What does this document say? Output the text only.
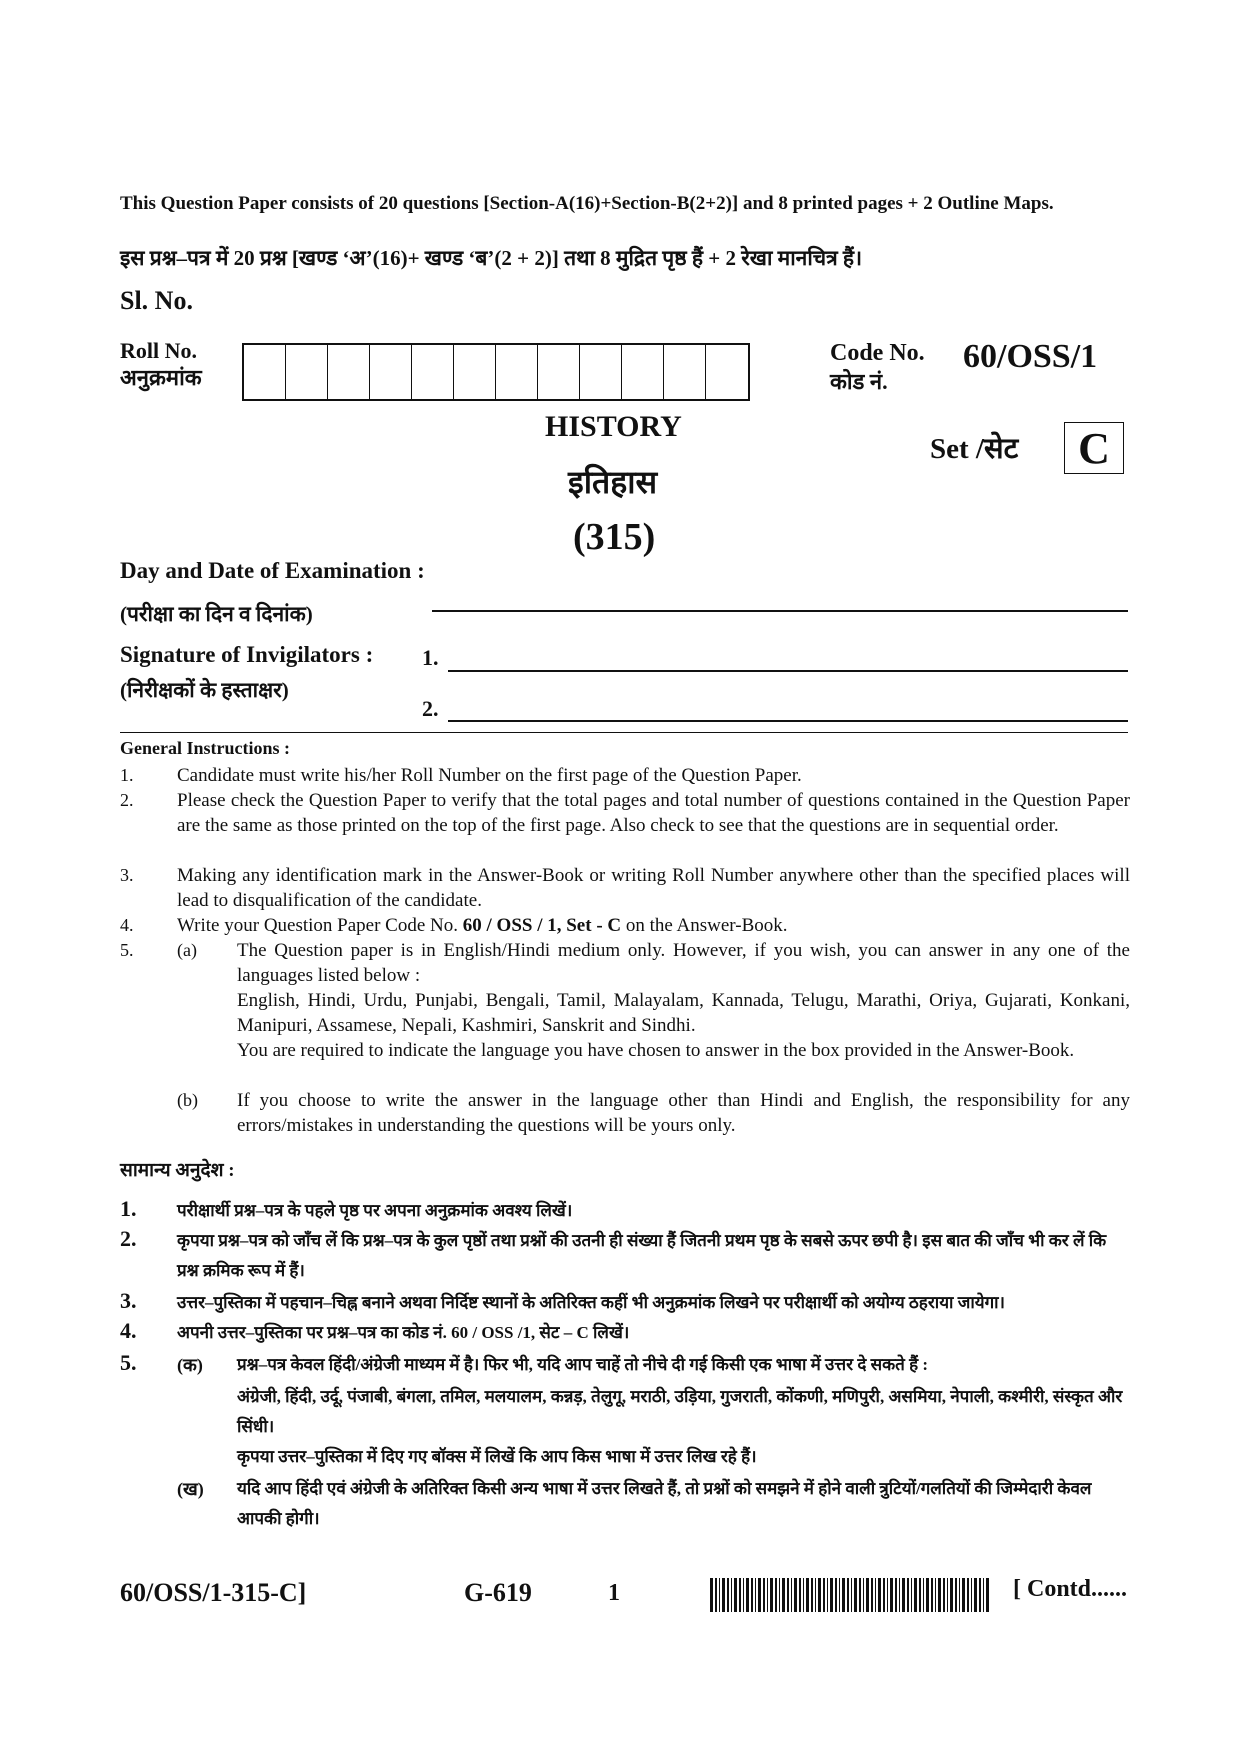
This Question Paper consists of 20 questions [Section-A(16)+Section-B(2+2)] and 8 printed pages + 2 Outline Maps.
इस प्रश्न–पत्र में 20 प्रश्न [खण्ड ‘अ’(16)+ खण्ड ‘ब’(2 + 2)] तथा 8 मुद्रित पृष्ठ हैं + 2 रेखा मानचित्र हैं।
Sl. No.
Roll No.
अनुक्रमांक
Code No.
कोड नं.
60/OSS/1
HISTORY
इतिहास
(315)
Set /सेट	C
Day and Date of Examination :
(परीक्षा का दिन व दिनांक)
Signature of Invigilators :
(निरीक्षकों के हस्ताक्षर)
1.
2.
General Instructions :
1. Candidate must write his/her Roll Number on the first page of the Question Paper.
2. Please check the Question Paper to verify that the total pages and total number of questions contained in the Question Paper are the same as those printed on the top of the first page. Also check to see that the questions are in sequential order.
3. Making any identification mark in the Answer-Book or writing Roll Number anywhere other than the specified places will lead to disqualification of the candidate.
4. Write your Question Paper Code No. 60 / OSS / 1, Set - C on the Answer-Book.
5. (a) The Question paper is in English/Hindi medium only. However, if you wish, you can answer in any one of the languages listed below :
English, Hindi, Urdu, Punjabi, Bengali, Tamil, Malayalam, Kannada, Telugu, Marathi, Oriya, Gujarati, Konkani, Manipuri, Assamese, Nepali, Kashmiri, Sanskrit and Sindhi.
You are required to indicate the language you have chosen to answer in the box provided in the Answer-Book.
(b) If you choose to write the answer in the language other than Hindi and English, the responsibility for any errors/mistakes in understanding the questions will be yours only.
सामान्य अनुदेश :
1. परीक्षार्थी प्रश्न–पत्र के पहले पृष्ठ पर अपना अनुक्रमांक अवश्य लिखें।
2. कृपया प्रश्न–पत्र को जाँच लें कि प्रश्न–पत्र के कुल पृष्ठों तथा प्रश्नों की उतनी ही संख्या हैं जितनी प्रथम पृष्ठ के सबसे ऊपर छपी है। इस बात की जाँच भी कर लें कि प्रश्न क्रमिक रूप में हैं।
3. उत्तर–पुस्तिका में पहचान–चिह्न बनाने अथवा निर्दिष्ट स्थानों के अतिरिक्त कहीं भी अनुक्रमांक लिखने पर परीक्षार्थी को अयोग्य ठहराया जायेगा।
4. अपनी उत्तर–पुस्तिका पर प्रश्न–पत्र का कोड नं. 60 / OSS /1, सेट – C लिखें।
5. (क) प्रश्न–पत्र केवल हिंदी/अंग्रेजी माध्यम में है। फिर भी, यदि आप चाहें तो नीचे दी गई किसी एक भाषा में उत्तर दे सकते हैं :
अंग्रेजी, हिंदी, उर्दू, पंजाबी, बंगला, तमिल, मलयालम, कन्नड़, तेलुगू, मराठी, उड़िया, गुजराती, कोंकणी, मणिपुरी, असमिया, नेपाली, कश्मीरी, संस्कृत और सिंधी।
कृपया उत्तर–पुस्तिका में दिए गए बॉक्स में लिखें कि आप किस भाषा में उत्तर लिख रहे हैं।
(ख) यदि आप हिंदी एवं अंग्रेजी के अतिरिक्त किसी अन्य भाषा में उत्तर लिखते हैं, तो प्रश्नों को समझने में होने वाली त्रुटियों/गलतियों की जिम्मेदारी केवल आपकी होगी।
60/OSS/1-315-C]	G-619	1	[ Contd......
